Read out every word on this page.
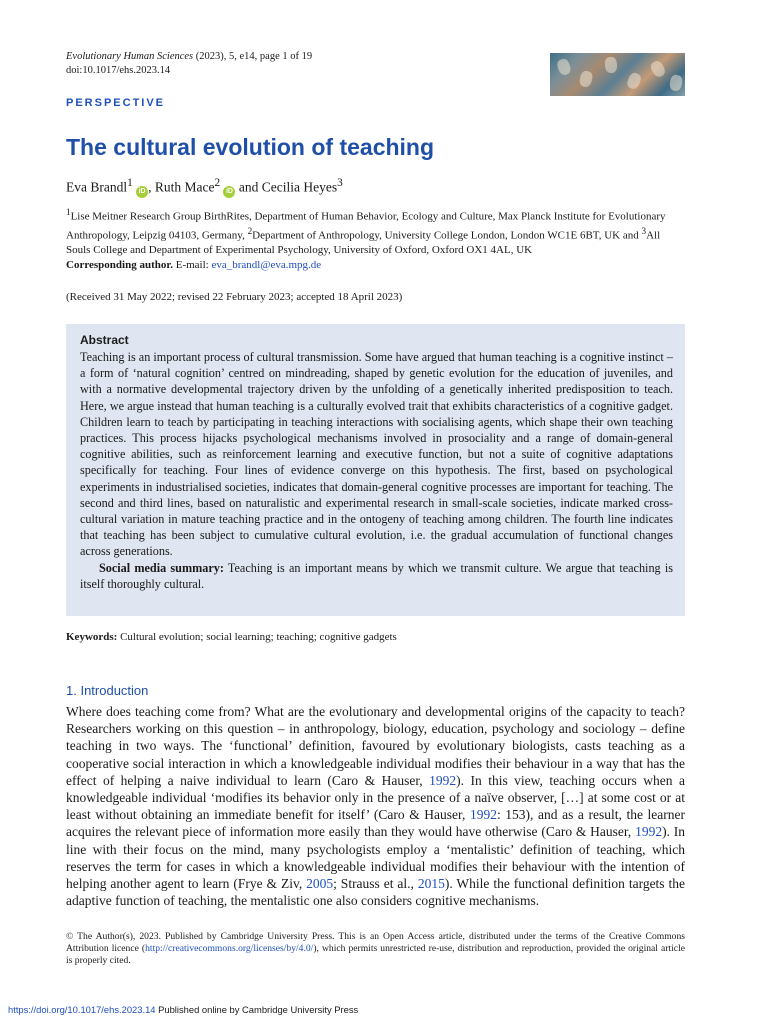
Evolutionary Human Sciences (2023), 5, e14, page 1 of 19
doi:10.1017/ehs.2023.14
PERSPECTIVE
The cultural evolution of teaching
Eva Brandl$^1$ iD , Ruth Mace$^2$ iD and Cecilia Heyes$^3$

$^1$Lise Meitner Research Group BirthRites, Department of Human Behavior, Ecology and Culture, Max Planck Institute for Evolutionary Anthropology, Leipzig 04103, Germany, $^2$Department of Anthropology, University College London, London WC1E 6BT, UK and $^3$All Souls College and Department of Experimental Psychology, University of Oxford, Oxford OX1 4AL, UK

Corresponding author. E-mail: eva_brandl@eva.mpg.de

(Received 31 May 2022; revised 22 February 2023; accepted 18 April 2023)
Abstract

Teaching is an important process of cultural transmission. Some have argued that human teaching is a cognitive instinct – a form of ‘natural cognition’ centred on mindreading, shaped by genetic evolution for the education of juveniles, and with a normative developmental trajectory driven by the unfolding of a genetically inherited predisposition to teach. Here, we argue instead that human teaching is a culturally evolved trait that exhibits characteristics of a cognitive gadget. Children learn to teach by participating in teaching interactions with socialising agents, which shape their own teaching practices. This process hijacks psychological mechanisms involved in prosociality and a range of domain-general cognitive abilities, such as reinforcement learning and executive function, but not a suite of cognitive adaptations specifically for teaching. Four lines of evidence converge on this hypothesis. The first, based on psychological experiments in industrialised societies, indicates that domain-general cognitive processes are important for teaching. The second and third lines, based on naturalistic and experimental research in small-scale societies, indicate marked cross-cultural variation in mature teaching practice and in the ontogeny of teaching among children. The fourth line indicates that teaching has been subject to cumulative cultural evolution, i.e. the gradual accumulation of functional changes across generations.

Social media summary: Teaching is an important means by which we transmit culture. We argue that teaching is itself thoroughly cultural.

Keywords: Cultural evolution; social learning; teaching; cognitive gadgets
1. Introduction

Where does teaching come from? What are the evolutionary and developmental origins of the capacity to teach? Researchers working on this question – in anthropology, biology, education, psychology and sociology – define teaching in two ways. The ‘functional’ definition, favoured by evolutionary biologists, casts teaching as a cooperative social interaction in which a knowledgeable individual modifies their behaviour in a way that has the effect of helping a naive individual to learn (Caro & Hauser, 1992). In this view, teaching occurs when a knowledgeable individual ‘modifies its behavior only in the presence of a naïve observer, […] at some cost or at least without obtaining an immediate benefit for itself’ (Caro & Hauser, 1992: 153), and as a result, the learner acquires the relevant piece of information more easily than they would have otherwise (Caro & Hauser, 1992). In line with their focus on the mind, many psychologists employ a ‘mentalistic’ definition of teaching, which reserves the term for cases in which a knowledgeable individual modifies their behaviour with the intention of helping another agent to learn (Frye & Ziv, 2005; Strauss et al., 2015). While the functional definition targets the adaptive function of teaching, the mentalistic one also considers cognitive mechanisms.

© The Author(s), 2023. Published by Cambridge University Press. This is an Open Access article, distributed under the terms of the Creative Commons Attribution licence (http://creativecommons.org/licenses/by/4.0/), which permits unrestricted re-use, distribution and reproduction, provided the original article is properly cited.
https://doi.org/10.1017/ehs.2023.14 Published online by Cambridge University Press
